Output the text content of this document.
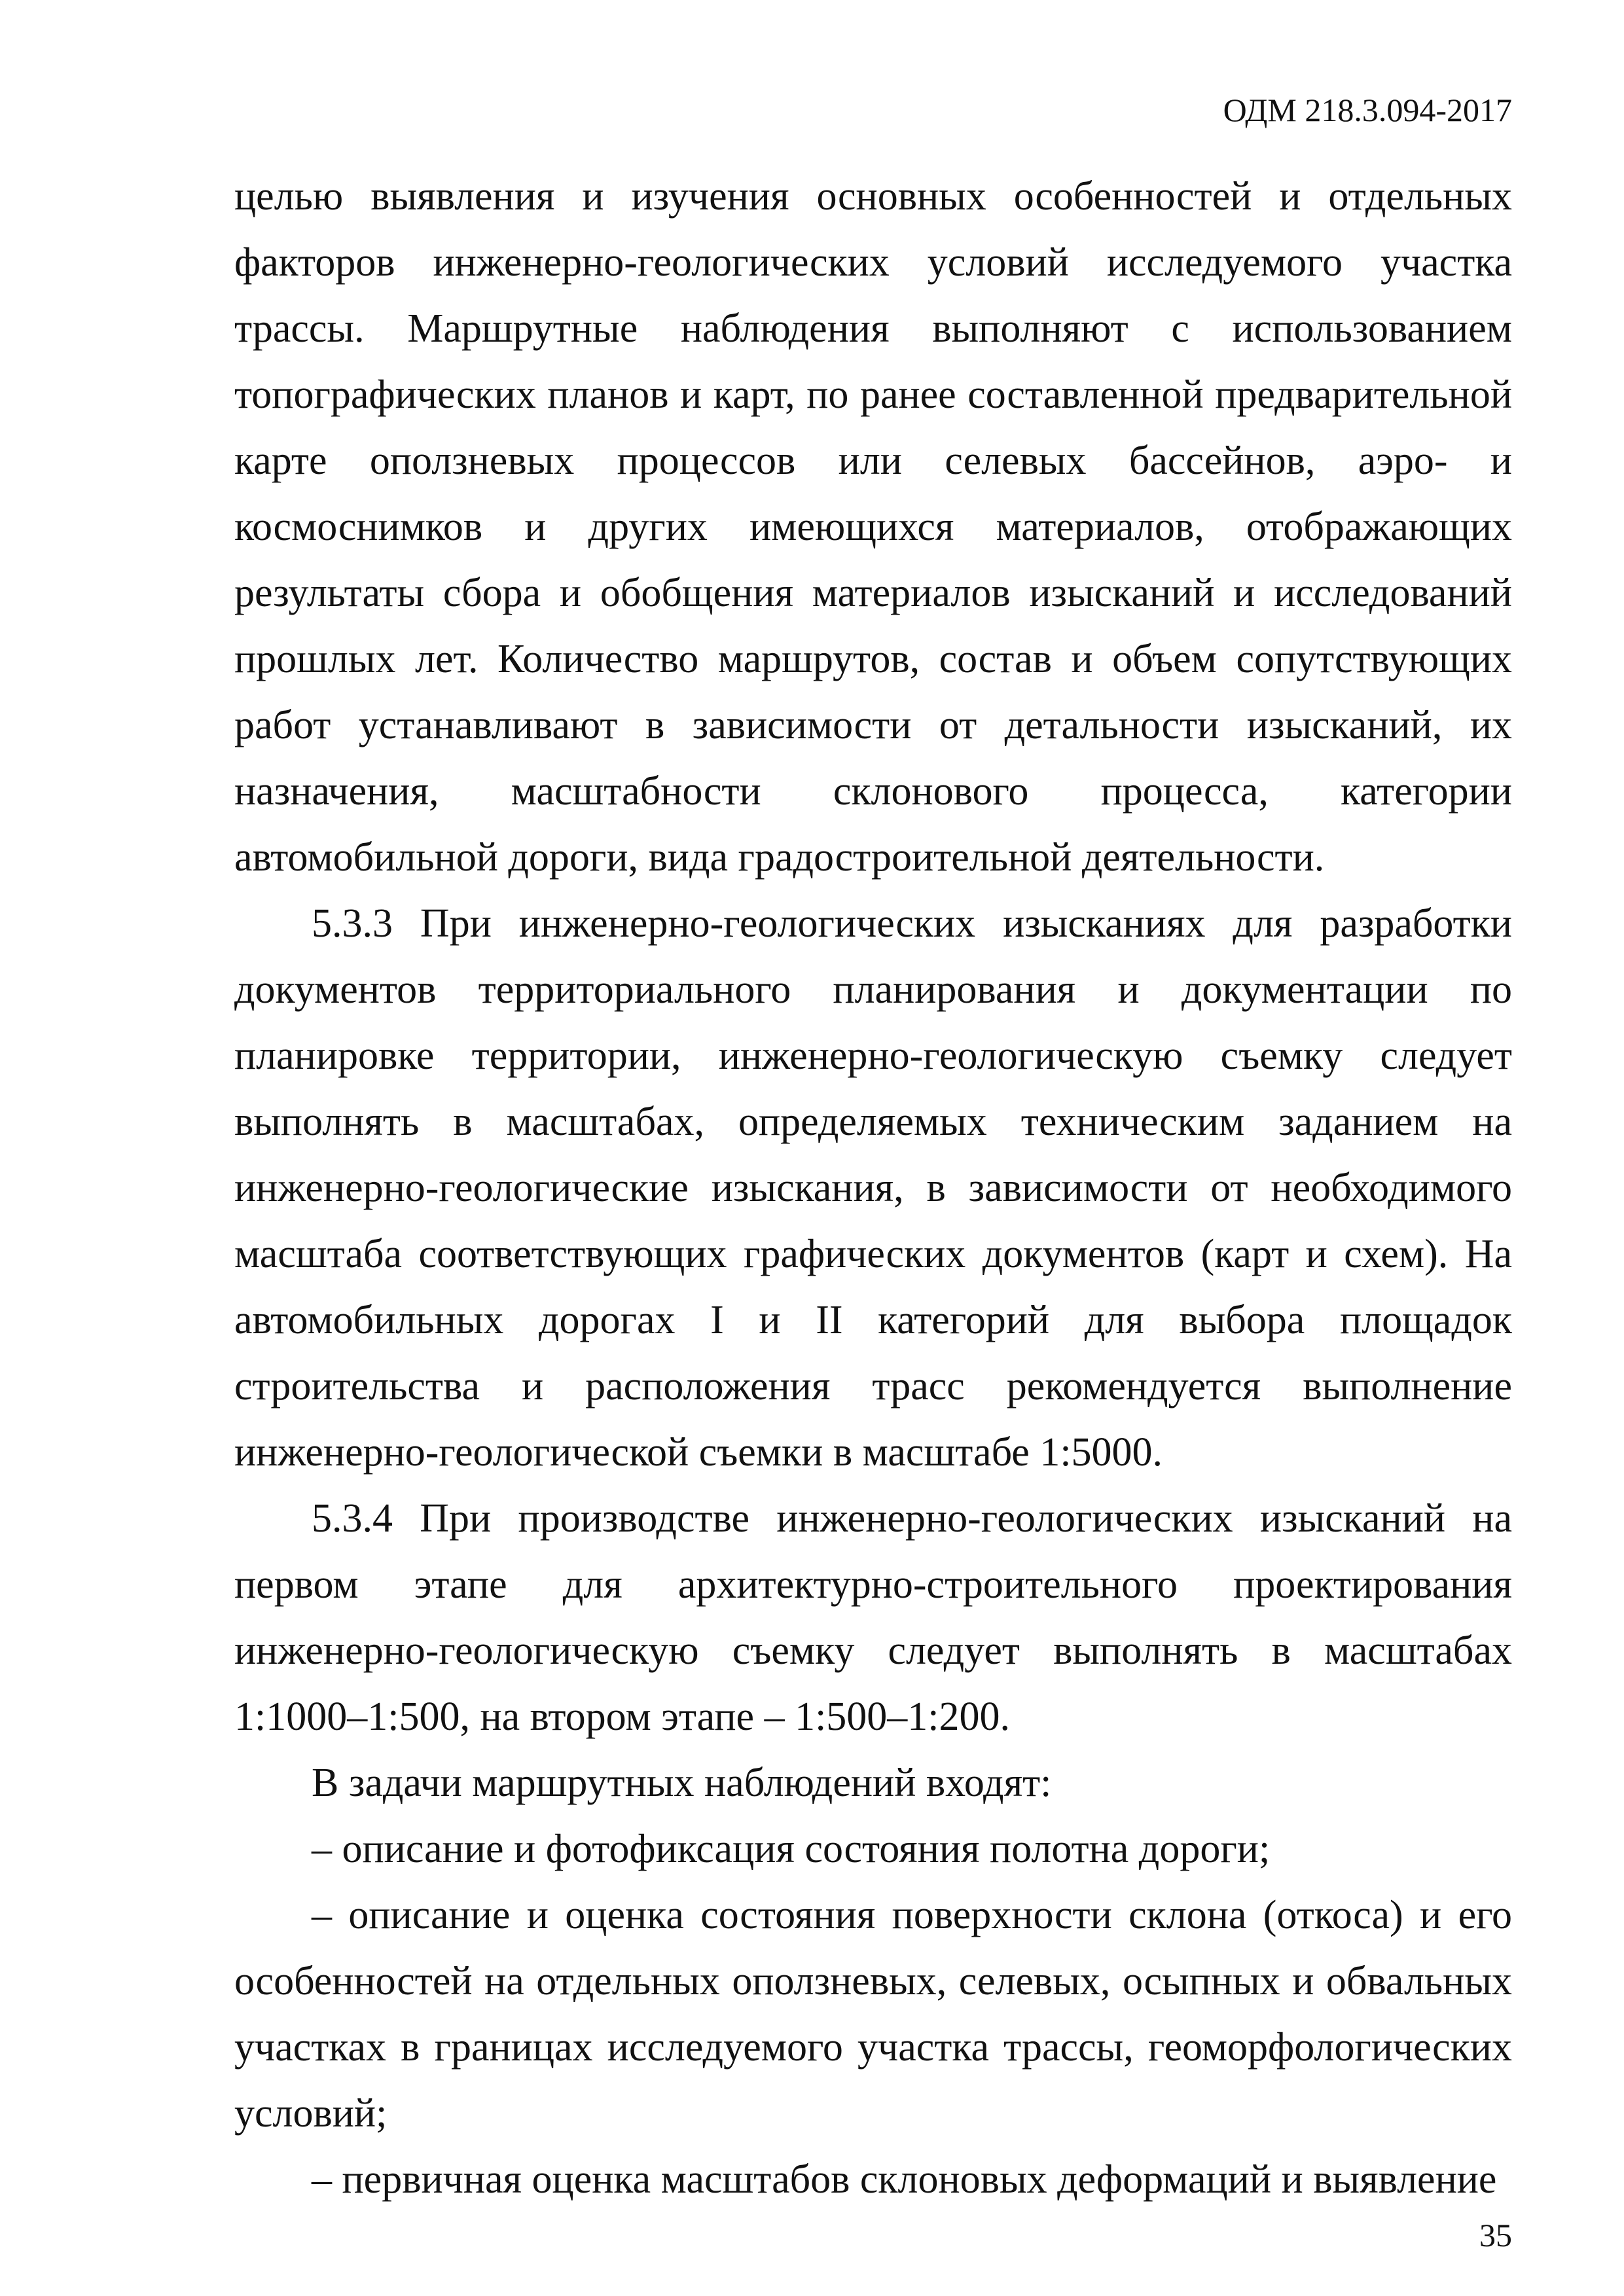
ОДМ 218.3.094-2017

целью выявления и изучения основных особенностей и отдельных факторов инженерно-геологических условий исследуемого участка трассы. Маршрутные наблюдения выполняют с использованием топографических планов и карт, по ранее составленной предварительной карте оползневых процессов или селевых бассейнов, аэро- и космоснимков и других имеющихся материалов, отображающих результаты сбора и обобщения материалов изысканий и исследований прошлых лет. Количество маршрутов, состав и объем сопутствующих работ устанавливают в зависимости от детальности изысканий, их назначения, масштабности склонового процесса, категории автомобильной дороги, вида градостроительной деятельности.

5.3.3 При инженерно-геологических изысканиях для разработки документов территориального планирования и документации по планировке территории, инженерно-геологическую съемку следует выполнять в масштабах, определяемых техническим заданием на инженерно-геологические изыскания, в зависимости от необходимого масштаба соответствующих графических документов (карт и схем). На автомобильных дорогах I и II категорий для выбора площадок строительства и расположения трасс рекомендуется выполнение инженерно-геологической съемки в масштабе 1:5000.

5.3.4 При производстве инженерно-геологических изысканий на первом этапе для архитектурно-строительного проектирования инженерно-геологическую съемку следует выполнять в масштабах 1:1000–1:500, на втором этапе – 1:500–1:200.

В задачи маршрутных наблюдений входят:

– описание и фотофиксация состояния полотна дороги;

– описание и оценка состояния поверхности склона (откоса) и его особенностей на отдельных оползневых, селевых, осыпных и обвальных участках в границах исследуемого участка трассы, геоморфологических условий;

– первичная оценка масштабов склоновых деформаций и выявление

35
